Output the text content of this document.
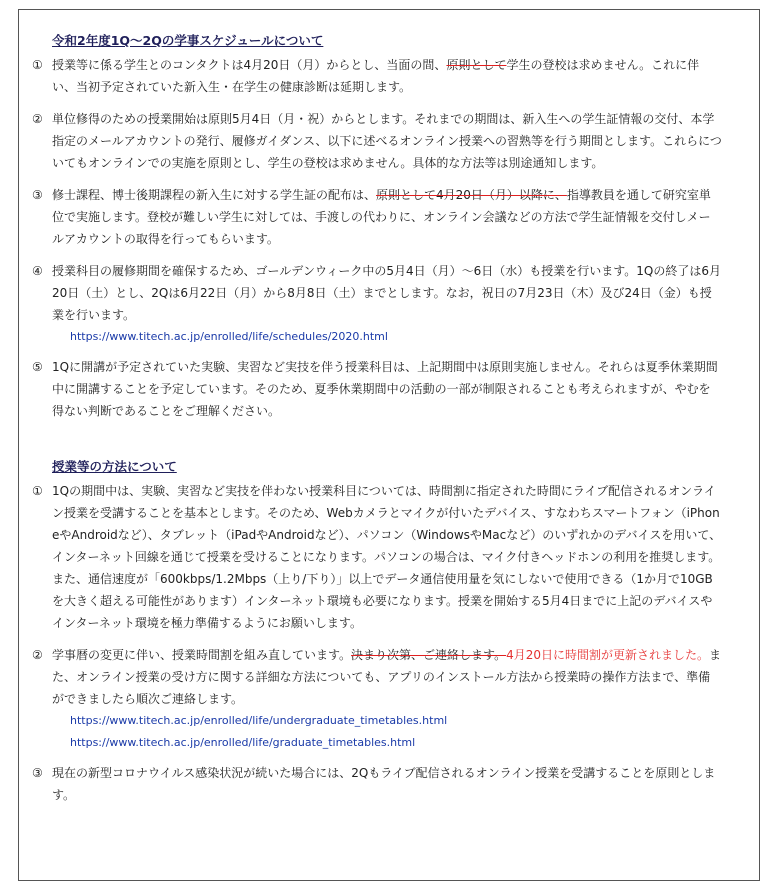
令和2年度1Q～2Qの学事スケジュールについて
① 授業等に係る学生とのコンタクトは4月20日（月）からとし、当面の間、原則として学生の登校は求めません。これに伴い、当初予定されていた新入生・在学生の健康診断は延期します。
② 単位修得のための授業開始は原則5月4日（月・祝）からとします。それまでの期間は、新入生への学生証情報の交付、本学指定のメールアカウントの発行、履修ガイダンス、以下に述べるオンライン授業への習熟等を行う期間とします。これらについてもオンラインでの実施を原則とし、学生の登校は求めません。具体的な方法等は別途通知します。
③ 修士課程、博士後期課程の新入生に対する学生証の配布は、原則として4月20日（月）以降に、指導教員を通して研究室単位で実施します。登校が難しい学生に対しては、手渡しの代わりに、オンライン会議などの方法で学生証情報を交付しメールアカウントの取得を行ってもらいます。
④ 授業科目の履修期間を確保するため、ゴールデンウィーク中の5月4日（月）～6日（水）も授業を行います。1Qの終了は6月20日（土）とし、2Qは6月22日（月）から8月8日（土）までとします。なお，祝日の7月23日（木）及び24日（金）も授業を行います。
https://www.titech.ac.jp/enrolled/life/schedules/2020.html
⑤ 1Qに開講が予定されていた実験、実習など実技を伴う授業科目は、上記期間中は原則実施しません。それらは夏季休業期間中に開講することを予定しています。そのため、夏季休業期間中の活動の一部が制限されることも考えられますが、やむを得ない判断であることをご理解ください。
授業等の方法について
① 1Qの期間中は、実験、実習など実技を伴わない授業科目については、時間割に指定された時間にライブ配信されるオンライン授業を受講することを基本とします。そのため、Webカメラとマイクが付いたデバイス、すなわちスマートフォン（iPhoneやAndroidなど）、タブレット（iPadやAndroidなど）、パソコン（WindowsやMacなど）のいずれかのデバイスを用いて、インターネット回線を通じて授業を受けることになります。パソコンの場合は、マイク付きヘッドホンの利用を推奨します。また、通信速度が「600kbps/1.2Mbps（上り/下り）」以上でデータ通信使用量を気にしないで使用できる（1か月で10GBを大きく超える可能性があります）インターネット環境も必要になります。授業を開始する5月4日までに上記のデバイスやインターネット環境を極力準備するようにお願いします。
② 学事暦の変更に伴い、授業時間割を組み直しています。決まり次第、ご連絡します。4月20日に時間割が更新されました。また、オンライン授業の受け方に関する詳細な方法についても、アプリのインストール方法から授業時の操作方法まで、準備ができましたら順次ご連絡します。
https://www.titech.ac.jp/enrolled/life/undergraduate_timetables.html
https://www.titech.ac.jp/enrolled/life/graduate_timetables.html
③ 現在の新型コロナウイルス感染状況が続いた場合には、2Qもライブ配信されるオンライン授業を受講することを原則とします。
